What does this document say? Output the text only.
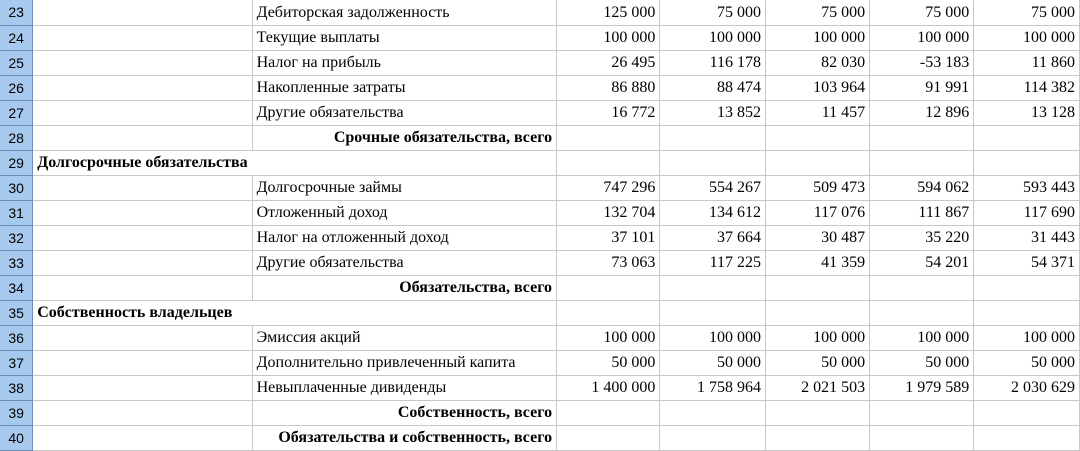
23		Дебиторская задолженность	125 000	75 000	75 000	75 000	75 000
24		Текущие выплаты	100 000	100 000	100 000	100 000	100 000
25		Налог на прибыль	26 495	116 178	82 030	-53 183	11 860
26		Накопленные затраты	86 880	88 474	103 964	91 991	114 382
27		Другие обязательства	16 772	13 852	11 457	12 896	13 128
28		Срочные обязательства, всего					
29	Долгосрочные обязательства						
30		Долгосрочные займы	747 296	554 267	509 473	594 062	593 443
31		Отложенный доход	132 704	134 612	117 076	111 867	117 690
32		Налог на отложенный доход	37 101	37 664	30 487	35 220	31 443
33		Другие обязательства	73 063	117 225	41 359	54 201	54 371
34		Обязательства, всего					
35	Собственность владельцев						
36		Эмиссия акций	100 000	100 000	100 000	100 000	100 000
37		Дополнительно привлеченный капита	50 000	50 000	50 000	50 000	50 000
38		Невыплаченные дивиденды	1 400 000	1 758 964	2 021 503	1 979 589	2 030 629
39		Собственность, всего					
40		Обязательства и собственность, всего					
